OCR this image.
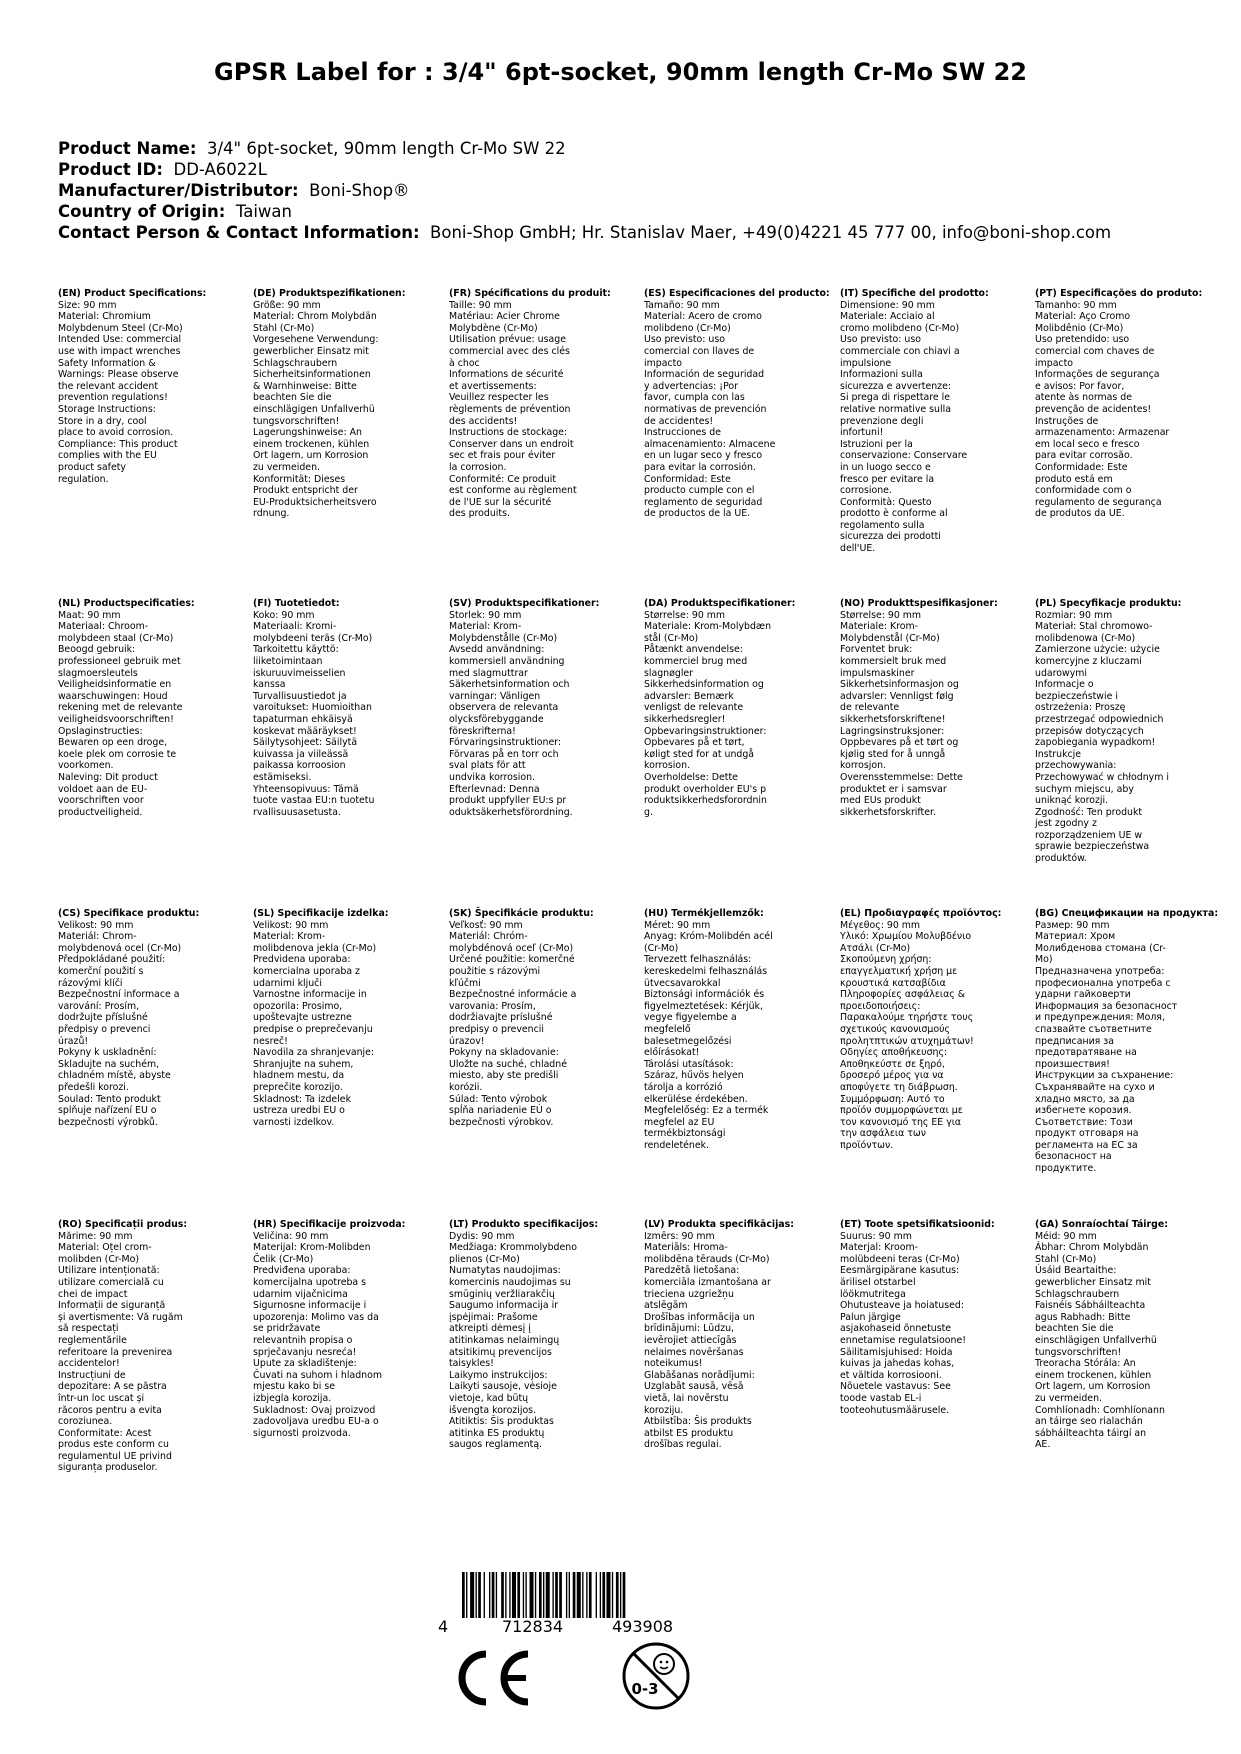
GPSR Label for : 3/4" 6pt-socket, 90mm length Cr-Mo SW 22
Product Name: 3/4" 6pt-socket, 90mm length Cr-Mo SW 22
Product ID: DD-A6022L
Manufacturer/Distributor: Boni-Shop®
Country of Origin: Taiwan
Contact Person & Contact Information: Boni-Shop GmbH; Hr. Stanislav Maer, +49(0)4221 45 777 00, info@boni-shop.com
(EN) Product Specifications:
Size: 90 mm
Material: Chromium
Molybdenum Steel (Cr-Mo)
Intended Use: commercial
use with impact wrenches
Safety Information &
Warnings: Please observe
the relevant accident
prevention regulations!
Storage Instructions:
Store in a dry, cool
place to avoid corrosion.
Compliance: This product
complies with the EU
product safety
regulation.
(DE) Produktspezifikationen:
Größe: 90 mm
Material: Chrom Molybdän
Stahl (Cr-Mo)
Vorgesehene Verwendung:
gewerblicher Einsatz mit
Schlagschraubern
Sicherheitsinformationen
& Warnhinweise: Bitte
beachten Sie die
einschlägigen Unfallverhü
tungsvorschriften!
Lagerungshinweise: An
einem trockenen, kühlen
Ort lagern, um Korrosion
zu vermeiden.
Konformität: Dieses
Produkt entspricht der
EU-Produktsicherheitsvero
rdnung.
(FR) Spécifications du produit:
Taille: 90 mm
Matériau: Acier Chrome
Molybdène (Cr-Mo)
Utilisation prévue: usage
commercial avec des clés
à choc
Informations de sécurité
et avertissements:
Veuillez respecter les
règlements de prévention
des accidents!
Instructions de stockage:
Conserver dans un endroit
sec et frais pour éviter
la corrosion.
Conformité: Ce produit
est conforme au règlement
de l'UE sur la sécurité
des produits.
(ES) Especificaciones del producto:
Tamaño: 90 mm
Material: Acero de cromo
molibdeno (Cr-Mo)
Uso previsto: uso
comercial con llaves de
impacto
Información de seguridad
y advertencias: ¡Por
favor, cumpla con las
normativas de prevención
de accidentes!
Instrucciones de
almacenamiento: Almacene
en un lugar seco y fresco
para evitar la corrosión.
Conformidad: Este
producto cumple con el
reglamento de seguridad
de productos de la UE.
(IT) Specifiche del prodotto:
Dimensione: 90 mm
Materiale: Acciaio al
cromo molibdeno (Cr-Mo)
Uso previsto: uso
commerciale con chiavi a
impulsione
Informazioni sulla
sicurezza e avvertenze:
Si prega di rispettare le
relative normative sulla
prevenzione degli
infortuni!
Istruzioni per la
conservazione: Conservare
in un luogo secco e
fresco per evitare la
corrosione.
Conformità: Questo
prodotto è conforme al
regolamento sulla
sicurezza dei prodotti
dell'UE.
(PT) Especificações do produto:
Tamanho: 90 mm
Material: Aço Cromo
Molibdênio (Cr-Mo)
Uso pretendido: uso
comercial com chaves de
impacto
Informações de segurança
e avisos: Por favor,
atente às normas de
prevenção de acidentes!
Instruções de
armazenamento: Armazenar
em local seco e fresco
para evitar corrosão.
Conformidade: Este
produto está em
conformidade com o
regulamento de segurança
de produtos da UE.
(NL) Productspecificaties:
Maat: 90 mm
Materiaal: Chroom-
molybdeen staal (Cr-Mo)
Beoogd gebruik:
professioneel gebruik met
slagmoersleutels
Veiligheidsinformatie en
waarschuwingen: Houd
rekening met de relevante
veiligheidsvoorschriften!
Opslaginstructies:
Bewaren op een droge,
koele plek om corrosie te
voorkomen.
Naleving: Dit product
voldoet aan de EU-
voorschriften voor
productveiligheid.
(FI) Tuotetiedot:
Koko: 90 mm
Materiaali: Kromi-
molybdeeni teräs (Cr-Mo)
Tarkoitettu käyttö:
liiketoimintaan
iskuruuvimeisselien
kanssa
Turvallisuustiedot ja
varoitukset: Huomioithan
tapaturman ehkäisyä
koskevat määräykset!
Säilytysohjeet: Säilytä
kuivassa ja viileässä
paikassa korroosion
estämiseksi.
Yhteensopivuus: Tämä
tuote vastaa EU:n tuotetu
rvallisuusasetusta.
(SV) Produktspecifikationer:
Storlek: 90 mm
Material: Krom-
Molybdenstålle (Cr-Mo)
Avsedd användning:
kommersiell användning
med slagmuttrar
Säkerhetsinformation och
varningar: Vänligen
observera de relevanta
olycksförebyggande
föreskrifterna!
Förvaringsinstruktioner:
Förvaras på en torr och
sval plats för att
undvika korrosion.
Efterlevnad: Denna
produkt uppfyller EU:s pr
oduktsäkerhetsförordning.
(DA) Produktspecifikationer:
Størrelse: 90 mm
Materiale: Krom-Molybdæn
stål (Cr-Mo)
Påtænkt anvendelse:
kommerciel brug med
slagnøgler
Sikkerhedsinformation og
advarsler: Bemærk
venligst de relevante
sikkerhedsregler!
Opbevaringsinstruktioner:
Opbevares på et tørt,
køligt sted for at undgå
korrosion.
Overholdelse: Dette
produkt overholder EU's p
roduktsikkerhedsforordnin
g.
(NO) Produkttspesifikasjoner:
Størrelse: 90 mm
Materiale: Krom-
Molybdenstål (Cr-Mo)
Forventet bruk:
kommersielt bruk med
impulsmaskiner
Sikkerhetsinformasjon og
advarsler: Vennligst følg
de relevante
sikkerhetsforskriftene!
Lagringsinstruksjoner:
Oppbevares på et tørt og
kjølig sted for å unngå
korrosjon.
Overensstemmelse: Dette
produktet er i samsvar
med EUs produkt
sikkerhetsforskrifter.
(PL) Specyfikacje produktu:
Rozmiar: 90 mm
Materiał: Stal chromowo-
molibdenowa (Cr-Mo)
Zamierzone użycie: użycie
komercyjne z kluczami
udarowymi
Informacje o
bezpieczeństwie i
ostrzeżenia: Proszę
przestrzegać odpowiednich
przepisów dotyczących
zapobiegania wypadkom!
Instrukcje
przechowywania:
Przechowywać w chłodnym i
suchym miejscu, aby
uniknąć korozji.
Zgodność: Ten produkt
jest zgodny z
rozporządzeniem UE w
sprawie bezpieczeństwa
produktów.
(CS) Specifikace produktu:
Velikost: 90 mm
Materiál: Chrom-
molybdenová ocel (Cr-Mo)
Předpokládané použití:
komerční použití s
rázovými klíči
Bezpečnostní informace a
varování: Prosím,
dodržujte příslušné
předpisy o prevenci
úrazů!
Pokyny k uskladnění:
Skladujte na suchém,
chladném místě, abyste
předešli korozi.
Soulad: Tento produkt
splňuje nařízení EU o
bezpečnosti výrobků.
(SL) Specifikacije izdelka:
Velikost: 90 mm
Material: Krom-
molibdenova jekla (Cr-Mo)
Predvidena uporaba:
komercialna uporaba z
udarnimi ključi
Varnostne informacije in
opozorila: Prosimo,
upoštevajte ustrezne
predpise o preprečevanju
nesreč!
Navodila za shranjevanje:
Shranjujte na suhem,
hladnem mestu, da
preprečite korozijo.
Skladnost: Ta izdelek
ustreza uredbi EU o
varnosti izdelkov.
(SK) Špecifikácie produktu:
Veľkosť: 90 mm
Materiál: Chróm-
molybdénová oceľ (Cr-Mo)
Určené použitie: komerčné
použitie s rázovými
kľúčmi
Bezpečnostné informácie a
varovania: Prosím,
dodržiavajte príslušné
predpisy o prevencii
úrazov!
Pokyny na skladovanie:
Uložte na suché, chladné
miesto, aby ste predišli
korózii.
Súlad: Tento výrobok
spĺňa nariadenie EÚ o
bezpečnosti výrobkov.
(HU) Termékjellemzők:
Méret: 90 mm
Anyag: Króm-Molibdén acél
(Cr-Mo)
Tervezett felhasználás:
kereskedelmi felhasználás
ütvecsavarokkal
Biztonsági információk és
figyelmeztetések: Kérjük,
vegye figyelembe a
megfelelő
balesetmegelőzési
előírásokat!
Tárolási utasítások:
Száraz, hűvös helyen
tárolja a korrózió
elkerülése érdekében.
Megfelelőség: Ez a termék
megfelel az EU
termékbiztonsági
rendeletének.
(EL) Προδιαγραφές προϊόντος:
Μέγεθος: 90 mm
Υλικό: Χρωμίου Μολυβδένιο
Ατσάλι (Cr-Mo)
Σκοπούμενη χρήση:
επαγγελματική χρήση με
κρουστικά κατσαβίδια
Πληροφορίες ασφάλειας &
προειδοποιήσεις:
Παρακαλούμε τηρήστε τους
σχετικούς κανονισμούς
προλητπτικών ατυχημάτων!
Οδηγίες αποθήκευσης:
Αποθηκεύστε σε ξηρό,
δροσερό μέρος για να
αποφύγετε τη διάβρωση.
Συμμόρφωση: Αυτό το
προϊόν συμμορφώνεται με
τον κανονισμό της ΕΕ για
την ασφάλεια των
προϊόντων.
(BG) Спецификации на продукта:
Размер: 90 mm
Материал: Хром
Молибденова стомана (Cr-
Mo)
Предназначена употреба:
професионална употреба с
ударни гайковерти
Информация за безопасност
и предупреждения: Моля,
спазвайте съответните
предписания за
предотвратяване на
произшествия!
Инструкции за съхранение:
Съхранявайте на сухо и
хладно място, за да
избегнете корозия.
Съответствие: Този
продукт отговаря на
регламента на ЕС за
безопасност на
продуктите.
(RO) Specificații produs:
Mărime: 90 mm
Material: Oțel crom-
molibden (Cr-Mo)
Utilizare intenționată:
utilizare comercială cu
chei de impact
Informații de siguranță
și avertismente: Vă rugăm
să respectați
reglementările
referitoare la prevenirea
accidentelor!
Instrucțiuni de
depozitare: A se păstra
într-un loc uscat și
răcoros pentru a evita
coroziunea.
Conformitate: Acest
produs este conform cu
regulamentul UE privind
siguranța produselor.
(HR) Specifikacije proizvoda:
Veličina: 90 mm
Materijal: Krom-Molibden
Čelik (Cr-Mo)
Predviđena uporaba:
komercijalna upotreba s
udarnim vijačnicima
Sigurnosne informacije i
upozorenja: Molimo vas da
se pridržavate
relevantnih propisa o
sprječavanju nesreća!
Upute za skladištenje:
Čuvati na suhom i hladnom
mjestu kako bi se
izbjegla korozija.
Sukladnost: Ovaj proizvod
zadovoljava uredbu EU-a o
sigurnosti proizvoda.
(LT) Produkto specifikacijos:
Dydis: 90 mm
Medžiaga: Krommolybdeno
plienos (Cr-Mo)
Numatytas naudojimas:
komercinis naudojimas su
smūginių veržliarakčių
Saugumo informacija ir
įspėjimai: Prašome
atkreipti dėmesį į
atitinkamas nelaimingų
atsitikimų prevencijos
taisykles!
Laikymo instrukcijos:
Laikyti sausoje, vėsioje
vietoje, kad būtų
išvengta korozijos.
Atitiktis: Šis produktas
atitinka ES produktų
saugos reglamentą.
(LV) Produkta specifikācijas:
Izmērs: 90 mm
Materiāls: Hroma-
molibdēna tērauds (Cr-Mo)
Paredzētā lietošana:
komerciāla izmantošana ar
trieciena uzgriežņu
atslēgām
Drošības informācija un
brīdinājumi: Lūdzu,
ievērojiet attiecīgās
nelaimes novēršanas
noteikumus!
Glabāšanas norādījumi:
Uzglabāt sausā, vēsā
vietā, lai novērstu
koroziju.
Atbilstība: Šis produkts
atbilst ES produktu
drošības regulai.
(ET) Toote spetsifikatsioonid:
Suurus: 90 mm
Materjal: Kroom-
molübdeeni teras (Cr-Mo)
Eesmärgipärane kasutus:
ärilisel otstarbel
löökmutritega
Ohutusteave ja hoiatused:
Palun järgige
asjakohaseid õnnetuste
ennetamise regulatsioone!
Säilitamisjuhised: Hoida
kuivas ja jahedas kohas,
et vältida korrosiooni.
Nõuetele vastavus: See
toode vastab EL-i
tooteohutusmäärusele.
(GA) Sonraíochtaí Táirge:
Méid: 90 mm
Ábhar: Chrom Molybdän
Stahl (Cr-Mo)
Úsáid Beartaithe:
gewerblicher Einsatz mit
Schlagschraubern
Faisnéis Sábháilteachta
agus Rabhadh: Bitte
beachten Sie die
einschlägigen Unfallverhü
tungsvorschriften!
Treoracha Stórála: An
einem trockenen, kühlen
Ort lagern, um Korrosion
zu vermeiden.
Comhlíonadh: Comhlíonann
an táirge seo rialachán
sábháilteachta táirgí an
AE.
4	712834	493908
0-3
